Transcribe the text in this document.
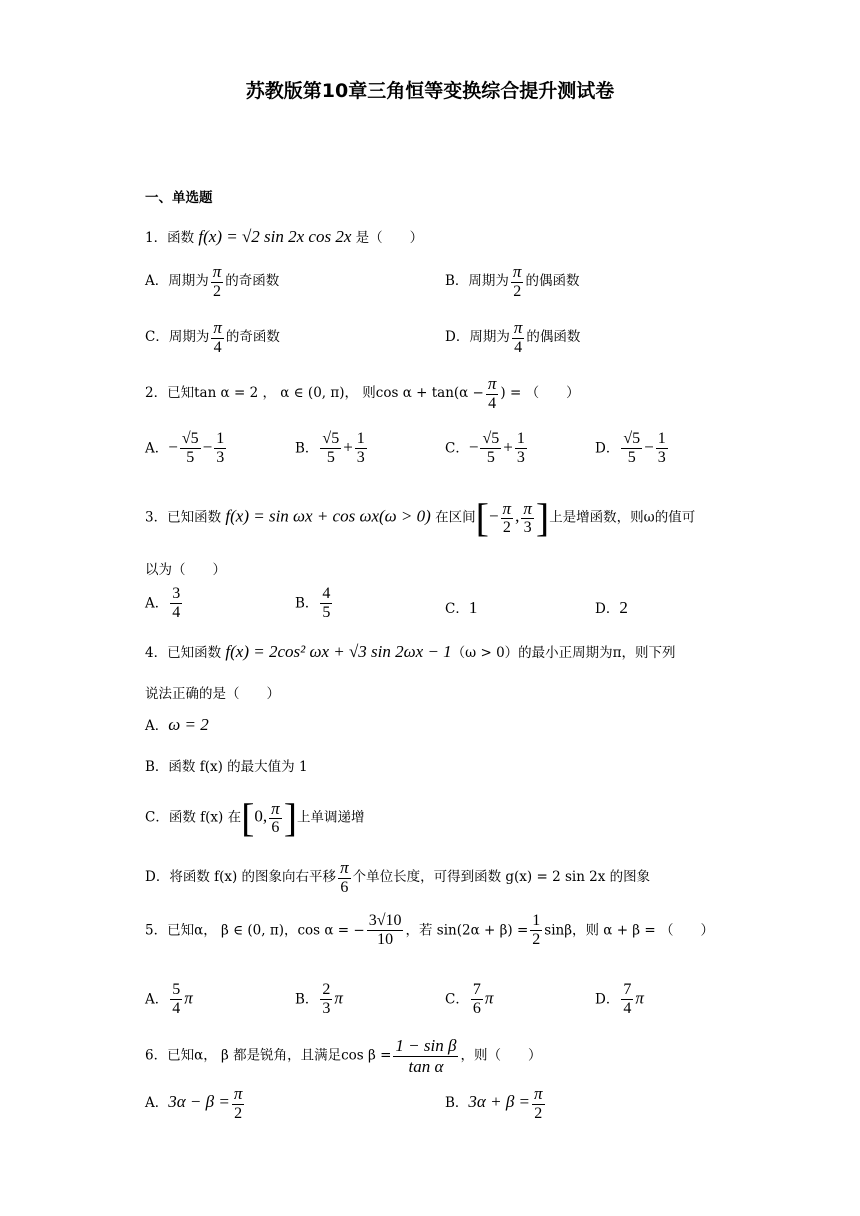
苏教版第10章三角恒等变换综合提升测试卷
一、单选题
1．函数 f(x) = √2 sin 2x cos 2x 是（　　）
A．周期为 $\frac{\pi}{2}$ 的奇函数	B．周期为 $\frac{\pi}{2}$ 的偶函数
C．周期为 $\frac{\pi}{4}$ 的奇函数	D．周期为 $\frac{\pi}{4}$ 的偶函数
2．已知tan α = 2 ， α ∈ (0, π)， 则$\cos \alpha + \tan(\alpha - \frac{\pi}{4}$ ) = （　　）
A．− $\frac{√5}{5} - \frac{1}{3}$	B． $\frac{√5}{5} + \frac{1}{3}$	C．− $\frac{√5}{5} + \frac{1}{3}$	D． $\frac{√5}{5} - \frac{1}{3}$
3．已知函数 f(x) = sin ωx + cos ωx(ω > 0) 在区间[− $\frac{\pi}{2}$ , $\frac{\pi}{3}$ ]上是增函数，则ω的值可
以为（　　）
A． $\frac{3}{4}$	B． $\frac{4}{5}$	C．1	D．2
4．已知函数 f(x) = 2cos² ωx + √3 sin 2ωx − 1（ω > 0）的最小正周期为π，则下列
说法正确的是（　　）
A．ω = 2
B．函数 f(x) 的最大值为 1
C．函数 f(x) 在[0, $\frac{\pi}{6}$ ]上单调递增
D．将函数 f(x) 的图象向右平移 $\frac{\pi}{6}$ 个单位长度，可得到函数 g(x) = 2 sin 2x 的图象
5．已知α， β ∈ (0, π)，cos α = − $\frac{3√10}{10}$ ，若 $\sin(2\alpha + \beta) = \frac{1}{2}$ sinβ，则 α + β = （　　）
A． $\frac{5}{4}$ π	B． $\frac{2}{3}$ π	C． $\frac{7}{6}$ π	D． $\frac{7}{4}$ π
6．已知α， β 都是锐角，且满足$\cos \beta = \frac{\text{1 − sin β}}{\text{tan α}}$ ，则（　　）
A．$3\alpha - \beta = \frac{\pi}{2}$	B．$3\alpha + \beta = \frac{\pi}{2}$
